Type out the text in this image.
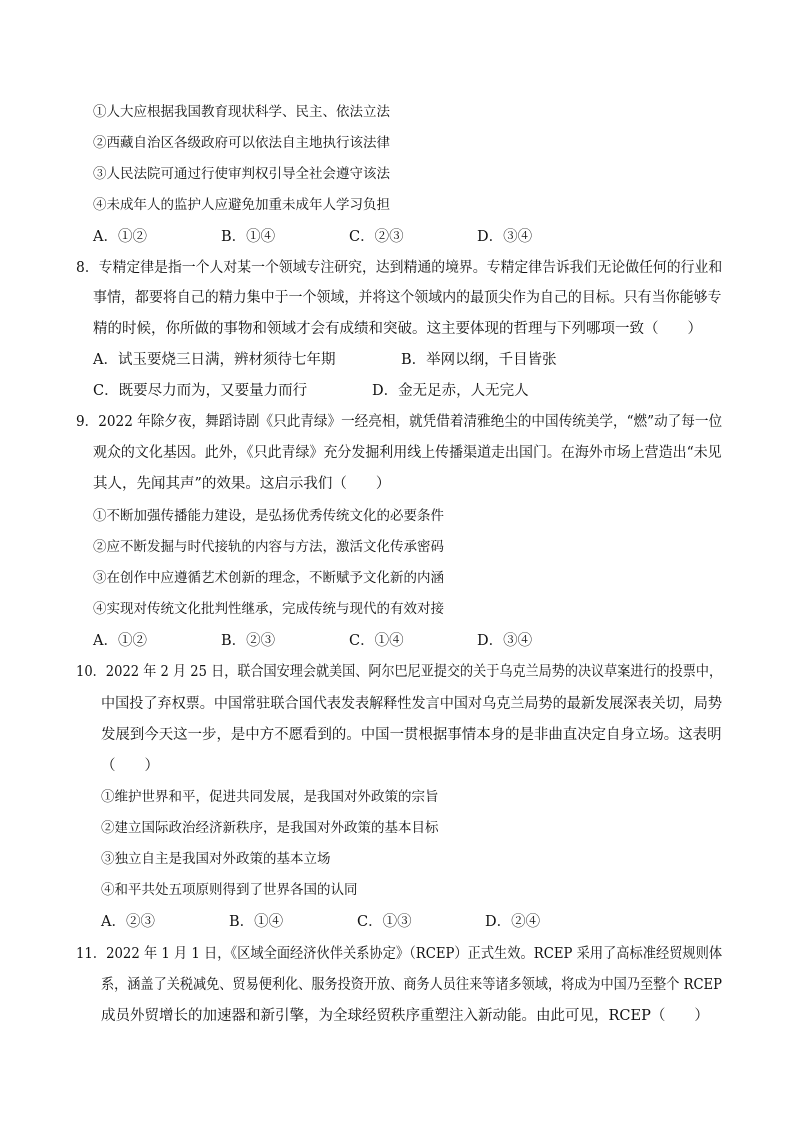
①人大应根据我国教育现状科学、民主、依法立法
②西藏自治区各级政府可以依法自主地执行该法律
③人民法院可通过行使审判权引导全社会遵守该法
④未成年人的监护人应避免加重未成年人学习负担
A．①②	B．①④	C．②③	D．③④
8．专精定律是指一个人对某一个领域专注研究，达到精通的境界。专精定律告诉我们无论做任何的行业和
事情，都要将自己的精力集中于一个领域，并将这个领域内的最顶尖作为自己的目标。只有当你能够专
精的时候，你所做的事物和领域才会有成绩和突破。这主要体现的哲理与下列哪项一致（　　）
A．试玉要烧三日满，辨材须待七年期	B．举网以纲，千目皆张
C．既要尽力而为，又要量力而行	D．金无足赤，人无完人
9．2022 年除夕夜，舞蹈诗剧《只此青绿》一经亮相，就凭借着清雅绝尘的中国传统美学，“燃”动了每一位
观众的文化基因。此外，《只此青绿》充分发掘利用线上传播渠道走出国门。在海外市场上营造出“未见
其人，先闻其声”的效果。这启示我们（　　）
①不断加强传播能力建设，是弘扬优秀传统文化的必要条件
②应不断发掘与时代接轨的内容与方法，激活文化传承密码
③在创作中应遵循艺术创新的理念，不断赋予文化新的内涵
④实现对传统文化批判性继承，完成传统与现代的有效对接
A．①②	B．②③	C．①④	D．③④
10．2022 年 2 月 25 日，联合国安理会就美国、阿尔巴尼亚提交的关于乌克兰局势的决议草案进行的投票中，
中国投了弃权票。中国常驻联合国代表发表解释性发言中国对乌克兰局势的最新发展深表关切，局势
发展到今天这一步，是中方不愿看到的。中国一贯根据事情本身的是非曲直决定自身立场。这表明
（　　）
①维护世界和平，促进共同发展，是我国对外政策的宗旨
②建立国际政治经济新秩序，是我国对外政策的基本目标
③独立自主是我国对外政策的基本立场
④和平共处五项原则得到了世界各国的认同
A．②③	B．①④	C．①③	D．②④
11．2022 年 1 月 1 日，《区域全面经济伙伴关系协定》（RCEP）正式生效。RCEP 采用了高标准经贸规则体
系，涵盖了关税减免、贸易便利化、服务投资开放、商务人员往来等诸多领域，将成为中国乃至整个 RCEP
成员外贸增长的加速器和新引擎，为全球经贸秩序重塑注入新动能。由此可见，RCEP（　　）
